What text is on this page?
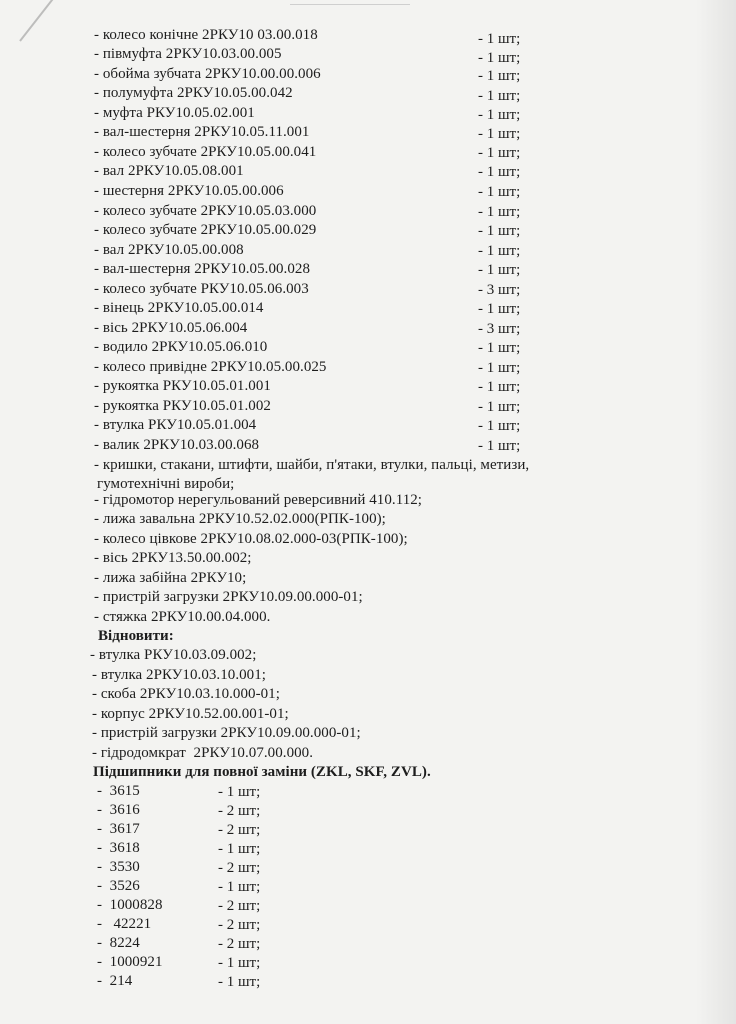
- колесо конічне 2РКУ10 03.00.018	- 1 шт;
- півмуфта 2РКУ10.03.00.005	- 1 шт;
- обойма зубчата 2РКУ10.00.00.006	- 1 шт;
- полумуфта 2РКУ10.05.00.042	- 1 шт;
- муфта РКУ10.05.02.001	- 1 шт;
- вал-шестерня 2РКУ10.05.11.001	- 1 шт;
- колесо зубчате 2РКУ10.05.00.041	- 1 шт;
- вал 2РКУ10.05.08.001	- 1 шт;
- шестерня 2РКУ10.05.00.006	- 1 шт;
- колесо зубчате 2РКУ10.05.03.000	- 1 шт;
- колесо зубчате 2РКУ10.05.00.029	- 1 шт;
- вал 2РКУ10.05.00.008	- 1 шт;
- вал-шестерня 2РКУ10.05.00.028	- 1 шт;
- колесо зубчате РКУ10.05.06.003	- 3 шт;
- вінець 2РКУ10.05.00.014	- 1 шт;
- вісь 2РКУ10.05.06.004	- 3 шт;
- водило 2РКУ10.05.06.010	- 1 шт;
- колесо привідне 2РКУ10.05.00.025	- 1 шт;
- рукоятка РКУ10.05.01.001	- 1 шт;
- рукоятка РКУ10.05.01.002	- 1 шт;
- втулка РКУ10.05.01.004	- 1 шт;
- валик 2РКУ10.03.00.068	- 1 шт;
- кришки, стакани, штифти, шайби, п'ятаки, втулки, пальці, метизи,
гумотехнічні вироби;
- гідромотор нерегульований реверсивний 410.112;
- лижа завальна 2РКУ10.52.02.000(РПК-100);
- колесо цівкове 2РКУ10.08.02.000-03(РПК-100);
- вісь 2РКУ13.50.00.002;
- лижа забійна 2РКУ10;
- пристрій загрузки 2РКУ10.09.00.000-01;
- стяжка 2РКУ10.00.04.000.
Відновити:
- втулка РКУ10.03.09.002;
- втулка 2РКУ10.03.10.001;
- скоба 2РКУ10.03.10.000-01;
- корпус 2РКУ10.52.00.001-01;
- пристрій загрузки 2РКУ10.09.00.000-01;
- гідродомкрат  2РКУ10.07.00.000.
Підшипники для повної заміни (ZKL, SKF, ZVL).
-  3615	- 1 шт;
-  3616	- 2 шт;
-  3617	- 2 шт;
-  3618	- 1 шт;
-  3530	- 2 шт;
-  3526	- 1 шт;
-  1000828	- 2 шт;
-   42221	- 2 шт;
-  8224	- 2 шт;
-  1000921	- 1 шт;
-  214	- 1 шт;
